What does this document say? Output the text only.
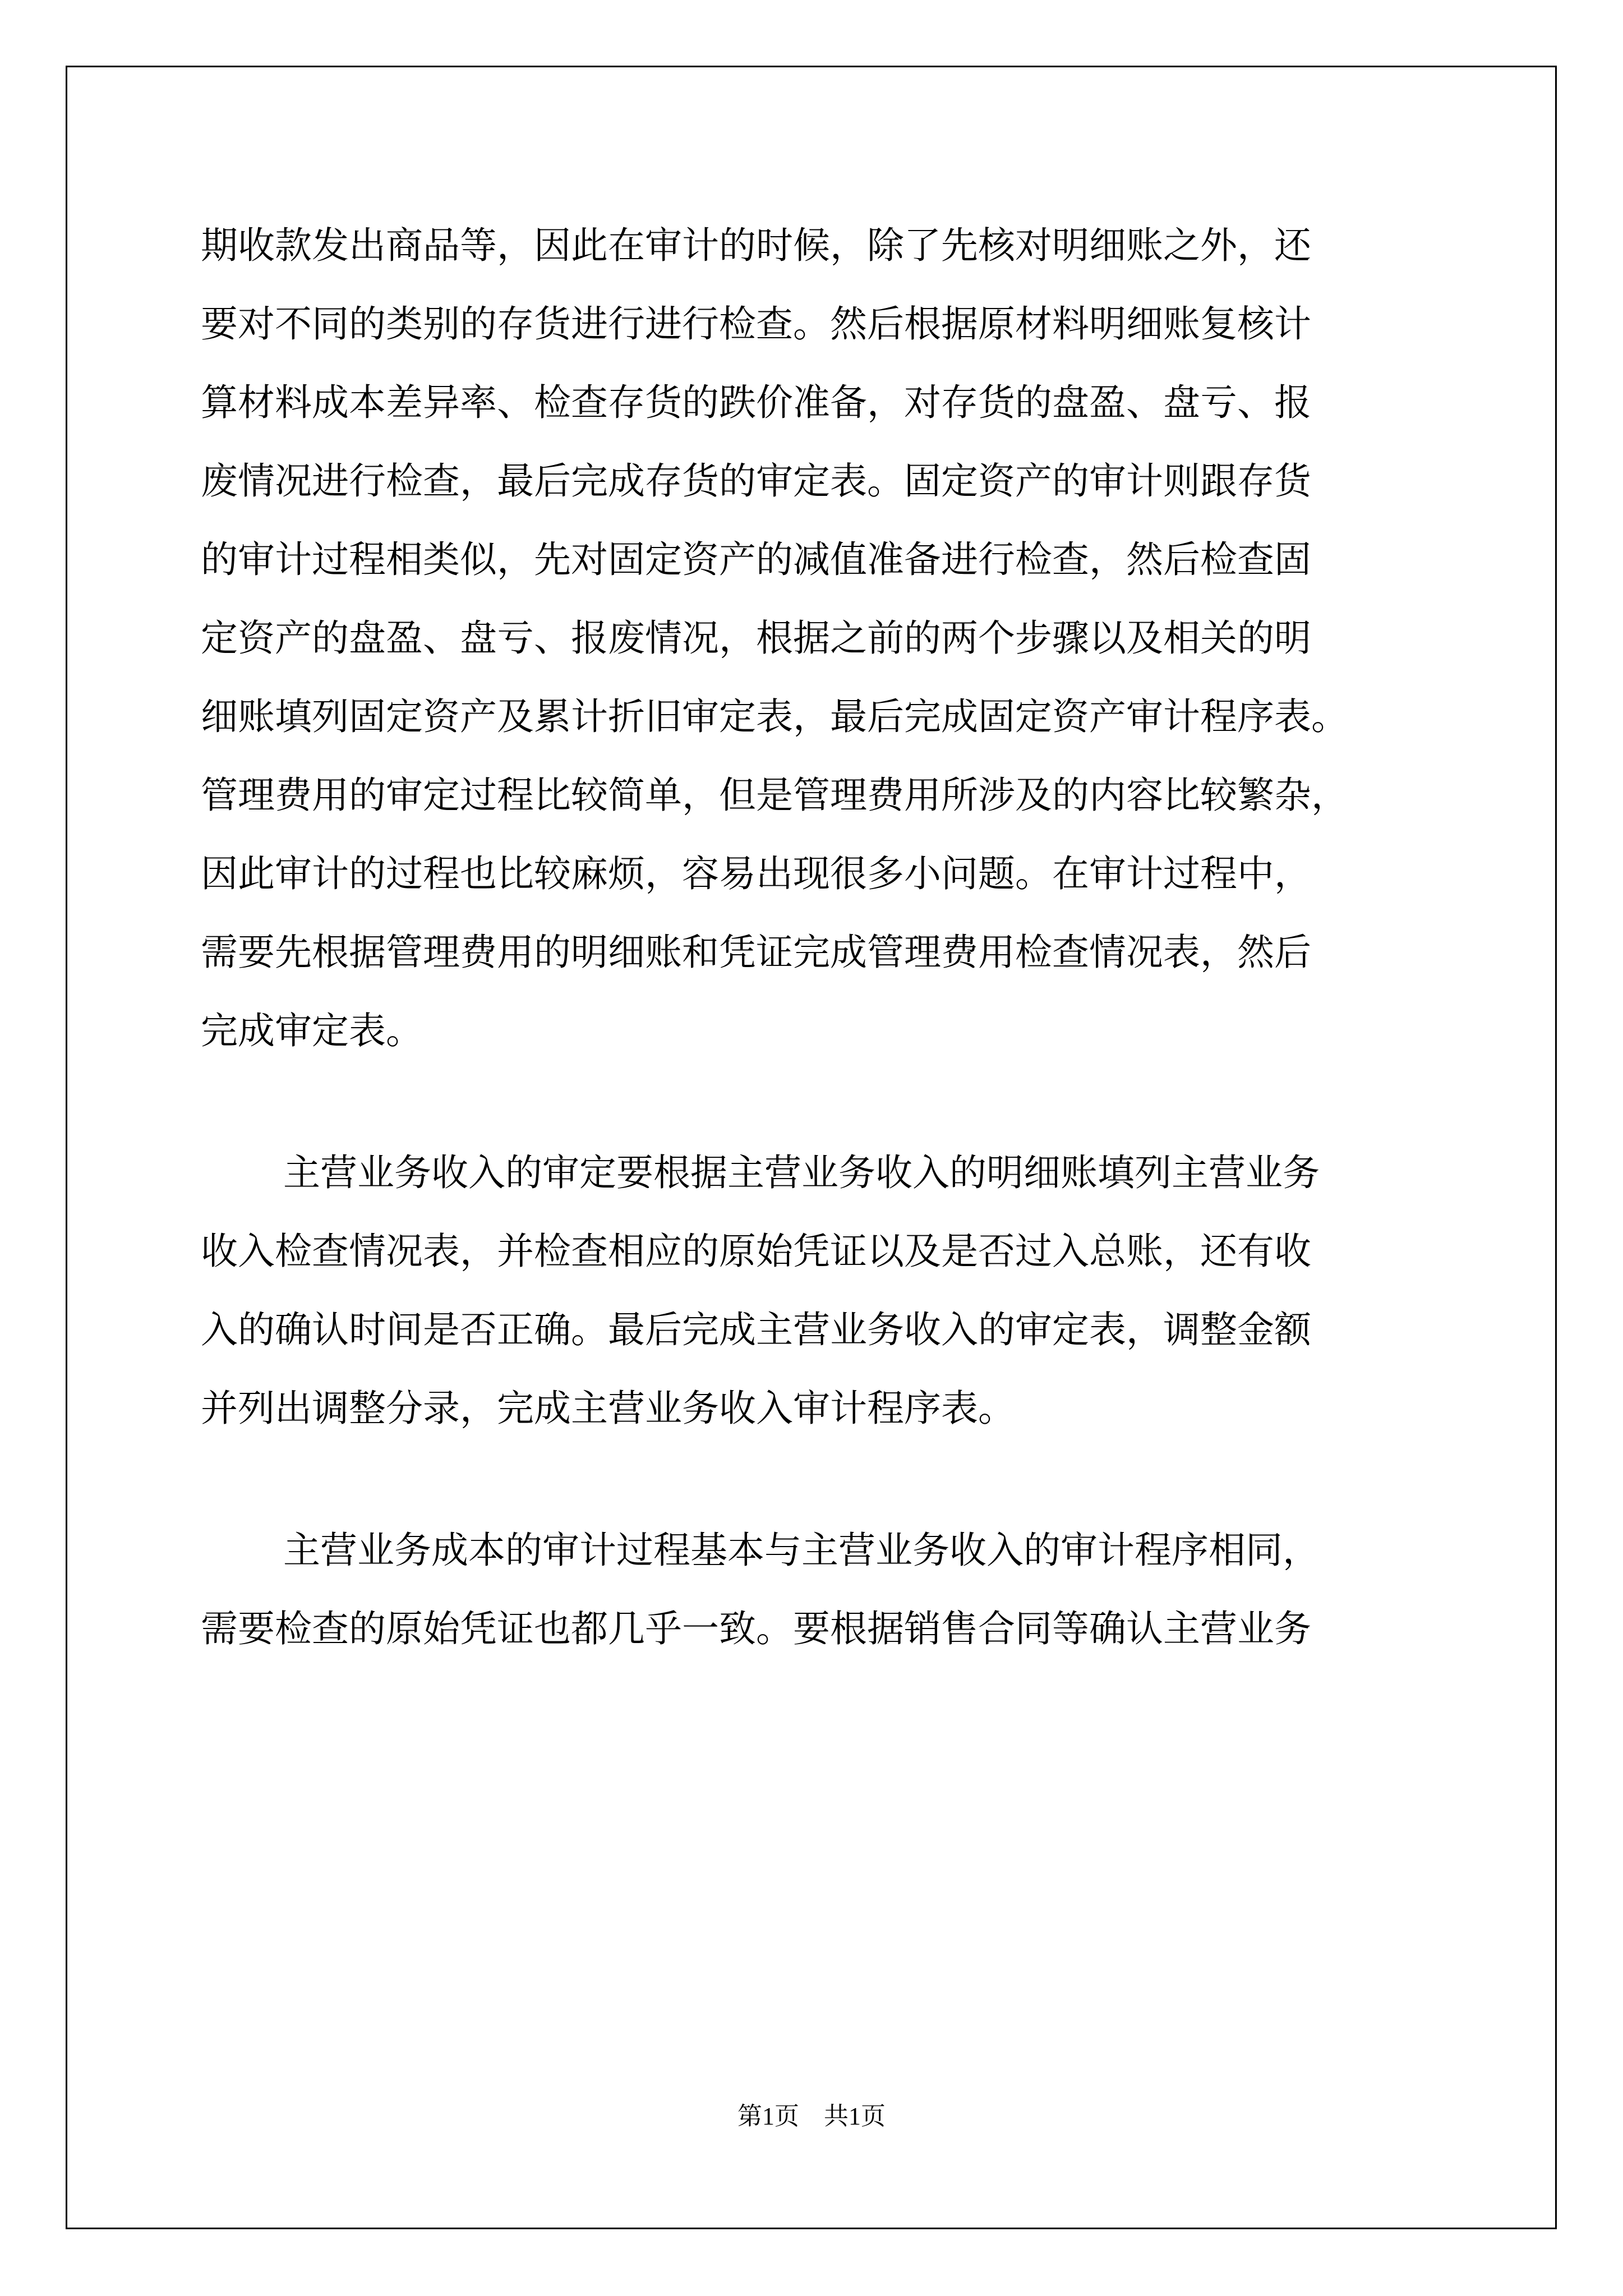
期收款发出商品等，因此在审计的时候，除了先核对明细账之外，还
要对不同的类别的存货进行进行检查。然后根据原材料明细账复核计
算材料成本差异率、检查存货的跌价准备，对存货的盘盈、盘亏、报
废情况进行检查，最后完成存货的审定表。固定资产的审计则跟存货
的审计过程相类似，先对固定资产的减值准备进行检查，然后检查固
定资产的盘盈、盘亏、报废情况，根据之前的两个步骤以及相关的明
细账填列固定资产及累计折旧审定表，最后完成固定资产审计程序表。
管理费用的审定过程比较简单，但是管理费用所涉及的内容比较繁杂，
因此审计的过程也比较麻烦，容易出现很多小问题。在审计过程中，
需要先根据管理费用的明细账和凭证完成管理费用检查情况表，然后
完成审定表。
主营业务收入的审定要根据主营业务收入的明细账填列主营业务
收入检查情况表，并检查相应的原始凭证以及是否过入总账，还有收
入的确认时间是否正确。最后完成主营业务收入的审定表，调整金额
并列出调整分录，完成主营业务收入审计程序表。
主营业务成本的审计过程基本与主营业务收入的审计程序相同，
需要检查的原始凭证也都几乎一致。要根据销售合同等确认主营业务
第1页 共1页
